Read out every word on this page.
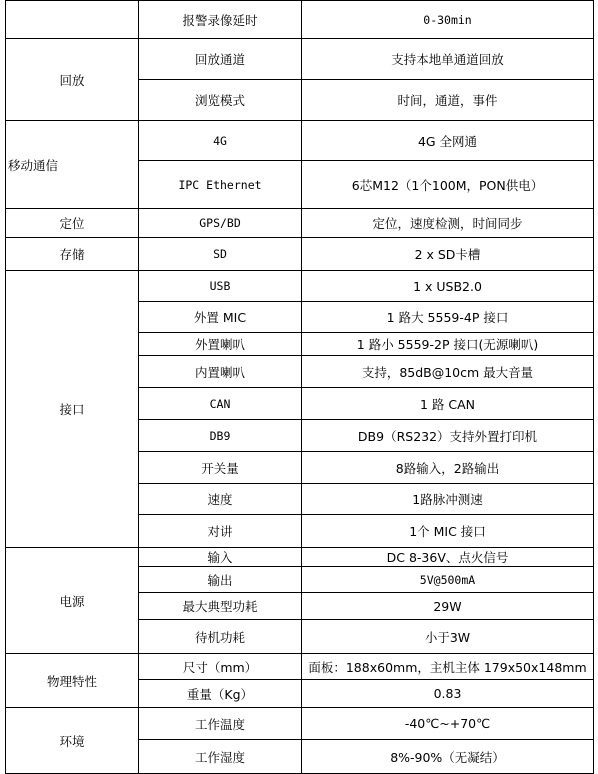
	报警录像延时	0-30min
回放	回放通道	支持本地单通道回放
	浏览模式	时间，通道，事件
移动通信	4G	4G 全网通
	IPC Ethernet	6芯M12（1个100M，PON供电）
定位	GPS/BD	定位，速度检测，时间同步
存储	SD	2 x SD卡槽
接口	USB	1 x USB2.0
	外置 MIC	1 路大 5559-4P 接口
	外置喇叭	1 路小 5559-2P 接口(无源喇叭)
	内置喇叭	支持，85dB@10cm 最大音量
	CAN	1 路 CAN
	DB9	DB9（RS232）支持外置打印机
	开关量	8路输入，2路输出
	速度	1路脉冲测速
	对讲	1个 MIC 接口
电源	输入	DC 8-36V、点火信号
	输出	5V@500mA
	最大典型功耗	29W
	待机功耗	小于3W
物理特性	尺寸（mm）	面板：188x60mm，主机主体 179x50x148mm
	重量（Kg）	0.83
环境	工作温度	-40℃~+70℃
	工作湿度	8%-90%（无凝结）
